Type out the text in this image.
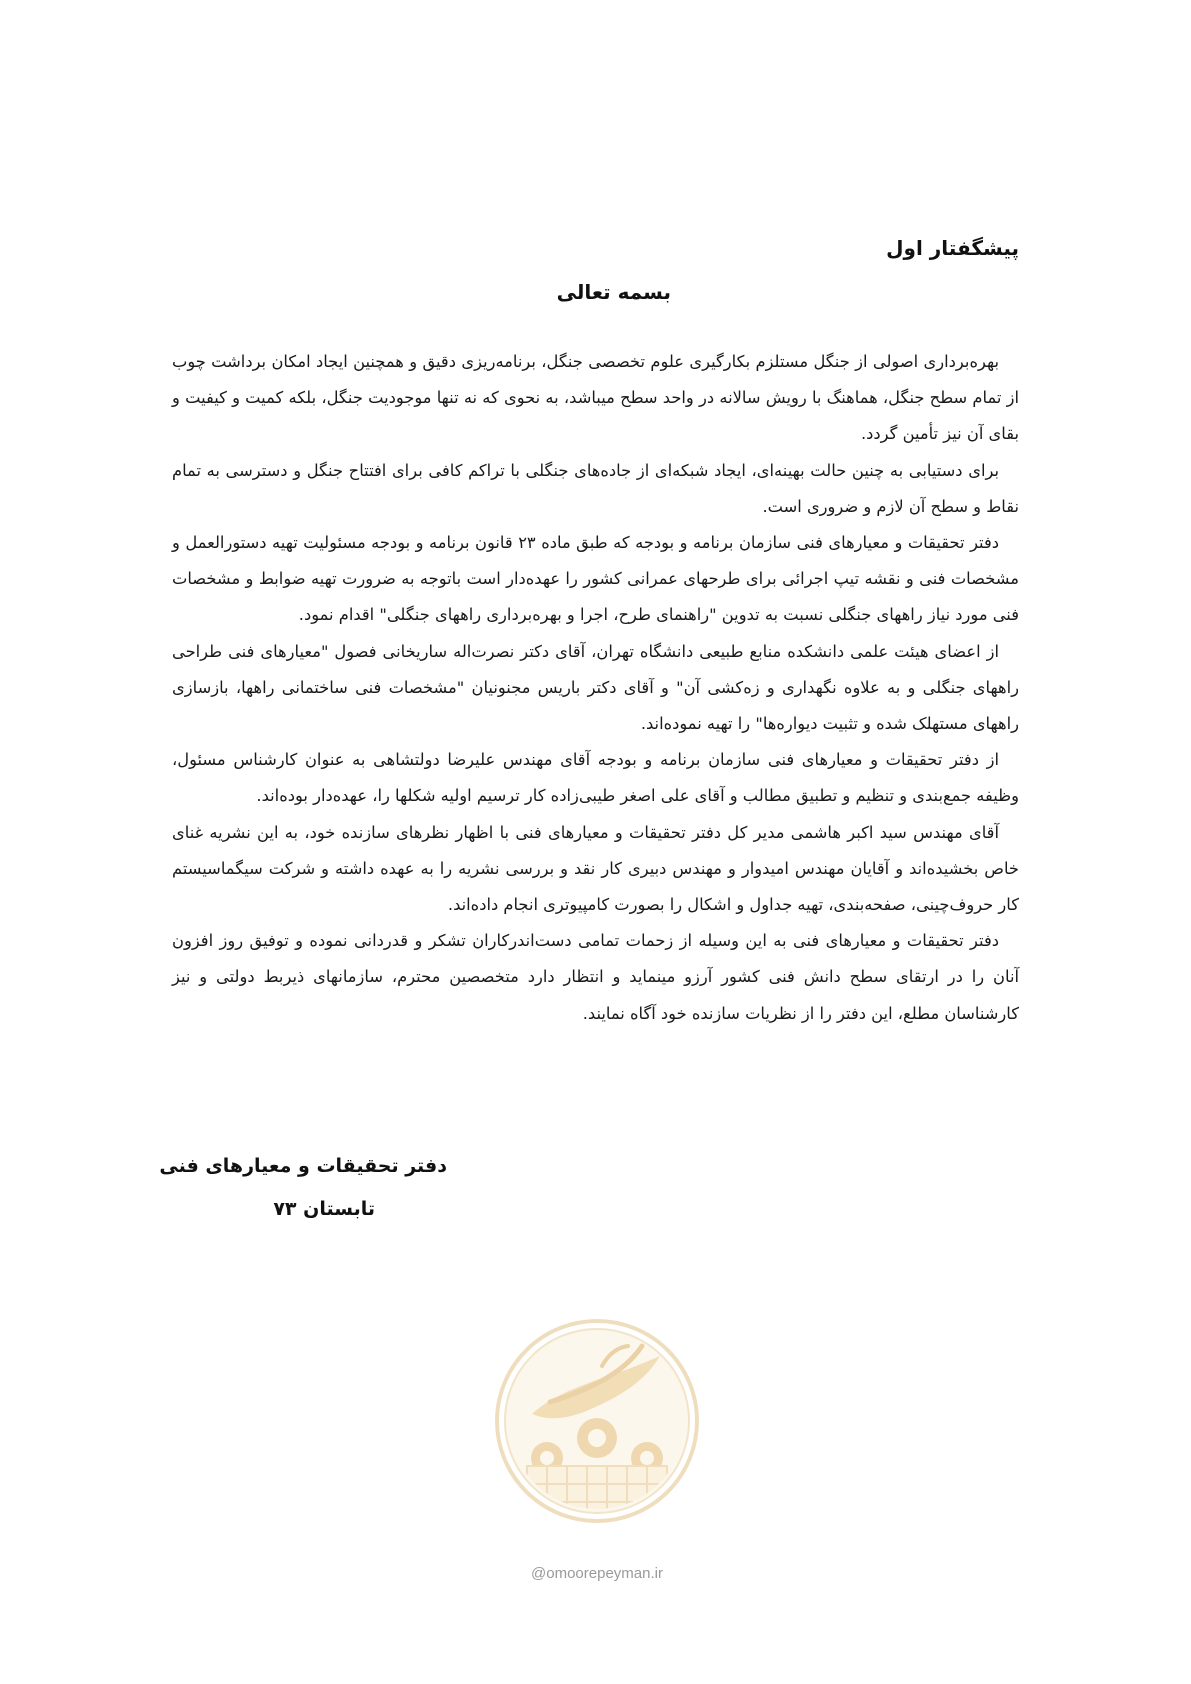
پیشگفتار اول
بسمه تعالی

بهره‌برداری اصولی از جنگل مستلزم بکارگیری علوم تخصصی جنگل، برنامه‌ریزی دقیق و همچنین ایجاد امکان برداشت چوب از تمام سطح جنگل، هماهنگ با رویش سالانه در واحد سطح میباشد، به نحوی که نه تنها موجودیت جنگل، بلکه کمیت و کیفیت و بقای آن نیز تأمین گردد.

برای دستیابی به چنین حالت بهینه‌ای، ایجاد شبکه‌ای از جاده‌های جنگلی با تراکم کافی برای افتتاح جنگل و دسترسی به تمام نقاط و سطح آن لازم و ضروری است.

دفتر تحقیقات و معیارهای فنی سازمان برنامه و بودجه که طبق ماده ۲۳ قانون برنامه و بودجه مسئولیت تهیه دستورالعمل و مشخصات فنی و نقشه تیپ اجرائی برای طرحهای عمرانی کشور را عهده‌دار است باتوجه به ضرورت تهیه ضوابط و مشخصات فنی مورد نیاز راههای جنگلی نسبت به تدوین "راهنمای طرح، اجرا و بهره‌برداری راههای جنگلی" اقدام نمود.

از اعضای هیئت علمی دانشکده منابع طبیعی دانشگاه تهران، آقای دکتر نصرت‌اله ساریخانی فصول "معیارهای فنی طراحی راههای جنگلی و به علاوه نگهداری و زه‌کشی آن" و آقای دکتر باریس مجنونیان "مشخصات فنی ساختمانی راهها، بازسازی راههای مستهلک شده و تثبیت دیواره‌ها" را تهیه نموده‌اند.

از دفتر تحقیقات و معیارهای فنی سازمان برنامه و بودجه آقای مهندس علیرضا دولتشاهی به عنوان کارشناس مسئول، وظیفه جمع‌بندی و تنظیم و تطبیق مطالب و آقای علی اصغر طیبی‌زاده کار ترسیم اولیه شکلها را، عهده‌دار بوده‌اند.

آقای مهندس سید اکبر هاشمی مدیر کل دفتر تحقیقات و معیارهای فنی با اظهار نظرهای سازنده خود، به این نشریه غنای خاص بخشیده‌اند و آقایان مهندس امیدوار و مهندس دبیری کار نقد و بررسی نشریه را به عهده داشته و شرکت سیگماسیستم کار حروف‌چینی، صفحه‌بندی، تهیه جداول و اشکال را بصورت کامپیوتری انجام داده‌اند.

دفتر تحقیقات و معیارهای فنی به این وسیله از زحمات تمامی دست‌اندرکاران تشکر و قدردانی نموده و توفیق روز افزون آنان را در ارتقای سطح دانش فنی کشور آرزو مینماید و انتظار دارد متخصصین محترم، سازمانهای ذیربط دولتی و نیز کارشناسان مطلع، این دفتر را از نظریات سازنده خود آگاه نمایند.

دفتر تحقیقات و معیارهای فنی
تابستان ۷۳
@omoorepeyman.ir
